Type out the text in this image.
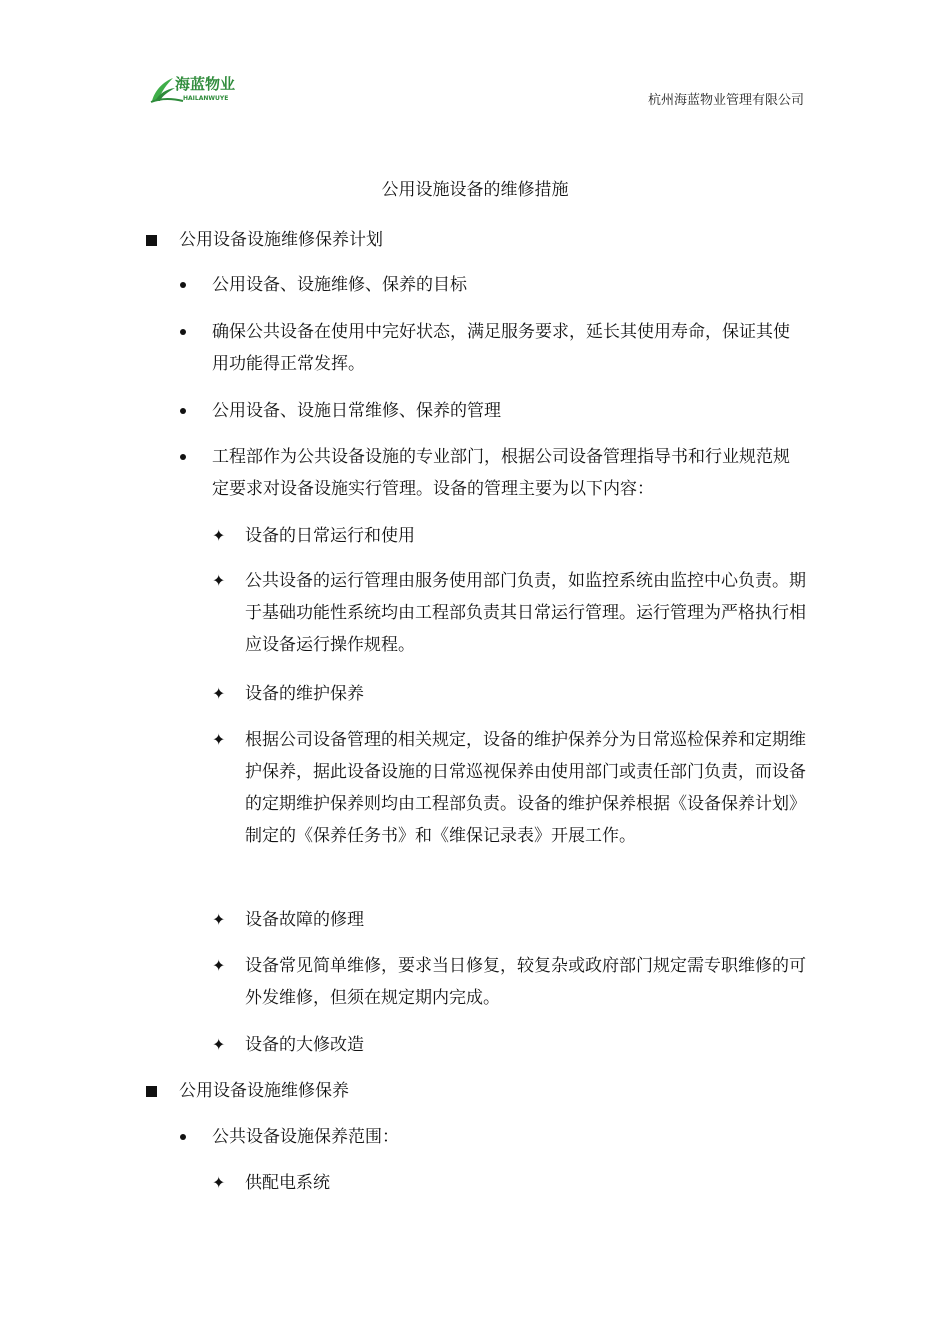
海蓝物业
HAILANWUYE	杭州海蓝物业管理有限公司
公用设施设备的维修措施
公用设备设施维修保养计划
公用设备、设施维修、保养的目标
确保公共设备在使用中完好状态，满足服务要求，延长其使用寿命，保证其使用功能得正常发挥。
公用设备、设施日常维修、保养的管理
工程部作为公共设备设施的专业部门，根据公司设备管理指导书和行业规范规定要求对设备设施实行管理。设备的管理主要为以下内容：
✦ 设备的日常运行和使用
✦ 公共设备的运行管理由服务使用部门负责，如监控系统由监控中心负责。期于基础功能性系统均由工程部负责其日常运行管理。运行管理为严格执行相应设备运行操作规程。
✦ 设备的维护保养
✦ 根据公司设备管理的相关规定，设备的维护保养分为日常巡检保养和定期维护保养，据此设备设施的日常巡视保养由使用部门或责任部门负责，而设备的定期维护保养则均由工程部负责。设备的维护保养根据《设备保养计划》制定的《保养任务书》和《维保记录表》开展工作。
✦ 设备故障的修理
✦ 设备常见简单维修，要求当日修复，较复杂或政府部门规定需专职维修的可外发维修，但须在规定期内完成。
✦ 设备的大修改造
公用设备设施维修保养
公共设备设施保养范围：
✦ 供配电系统
